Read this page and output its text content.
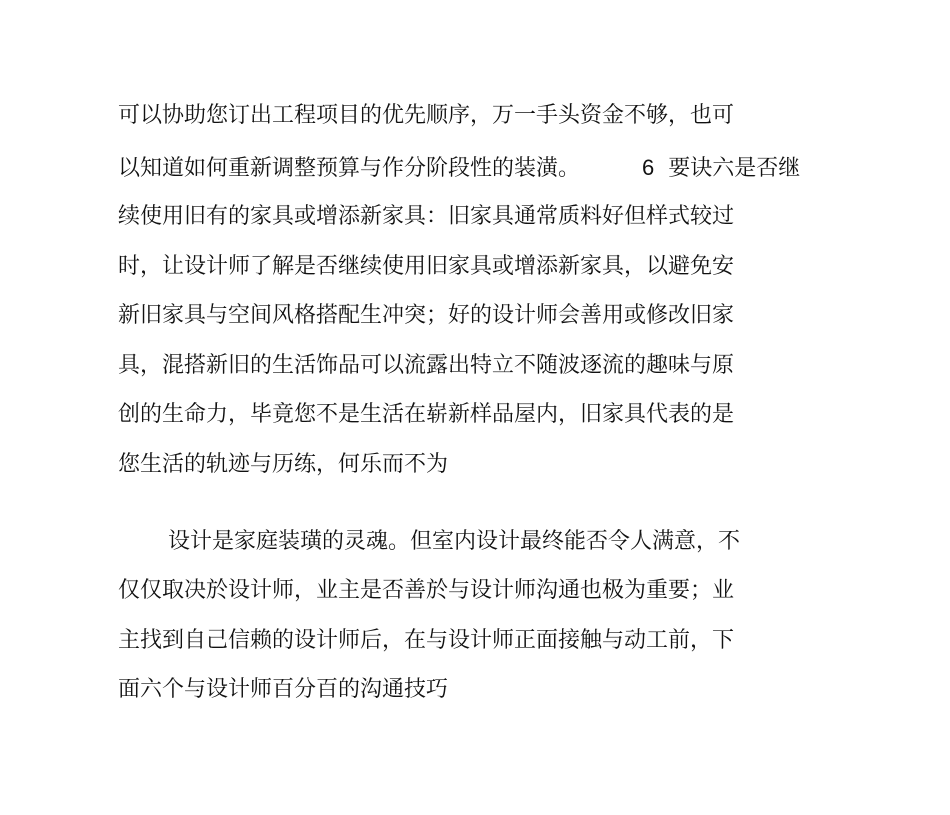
可以协助您订出工程项目的优先顺序，万一手头资金不够，也可
以知道如何重新调整预算与作分阶段性的装潢。	6 要诀六是否继
续使用旧有的家具或增添新家具：旧家具通常质料好但样式较过
时，让设计师了解是否继续使用旧家具或增添新家具，以避免安
新旧家具与空间风格搭配生冲突；好的设计师会善用或修改旧家
具，混搭新旧的生活饰品可以流露出特立不随波逐流的趣味与原
创的生命力，毕竟您不是生活在崭新样品屋内，旧家具代表的是
您生活的轨迹与历练，何乐而不为
设计是家庭装璜的灵魂。但室内设计最终能否令人满意，不
仅仅取决於设计师，业主是否善於与设计师沟通也极为重要；业
主找到自己信赖的设计师后，在与设计师正面接触与动工前，下
面六个与设计师百分百的沟通技巧
